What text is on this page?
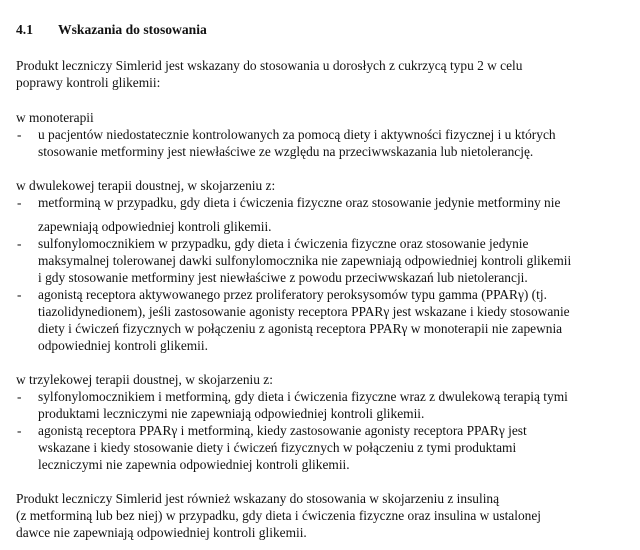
4.1 Wskazania do stosowania
Produkt leczniczy Simlerid jest wskazany do stosowania u dorosłych z cukrzycą typu 2 w celu
poprawy kontroli glikemii:
w monoterapii
- u pacjentów niedostatecznie kontrolowanych za pomocą diety i aktywności fizycznej i u których
stosowanie metforminy jest niewłaściwe ze względu na przeciwwskazania lub nietolerancję.
w dwulekowej terapii doustnej, w skojarzeniu z:
- metforminą w przypadku, gdy dieta i ćwiczenia fizyczne oraz stosowanie jedynie metforminy nie
zapewniają odpowiedniej kontroli glikemii.
- sulfonylomocznikiem w przypadku, gdy dieta i ćwiczenia fizyczne oraz stosowanie jedynie
maksymalnej tolerowanej dawki sulfonylomocznika nie zapewniają odpowiedniej kontroli glikemii
i gdy stosowanie metforminy jest niewłaściwe z powodu przeciwwskazań lub nietolerancji.
- agonistą receptora aktywowanego przez proliferatory peroksysomów typu gamma (PPARγ) (tj.
tiazolidynedionem), jeśli zastosowanie agonisty receptora PPARγ jest wskazane i kiedy stosowanie
diety i ćwiczeń fizycznych w połączeniu z agonistą receptora PPARγ w monoterapii nie zapewnia
odpowiedniej kontroli glikemii.
w trzylekowej terapii doustnej, w skojarzeniu z:
- sylfonylomocznikiem i metforminą, gdy dieta i ćwiczenia fizyczne wraz z dwulekową terapią tymi
produktami leczniczymi nie zapewniają odpowiedniej kontroli glikemii.
- agonistą receptora PPARγ i metforminą, kiedy zastosowanie agonisty receptora PPARγ jest
wskazane i kiedy stosowanie diety i ćwiczeń fizycznych w połączeniu z tymi produktami
leczniczymi nie zapewnia odpowiedniej kontroli glikemii.
Produkt leczniczy Simlerid jest również wskazany do stosowania w skojarzeniu z insuliną
(z metforminą lub bez niej) w przypadku, gdy dieta i ćwiczenia fizyczne oraz insulina w ustalonej
dawce nie zapewniają odpowiedniej kontroli glikemii.
